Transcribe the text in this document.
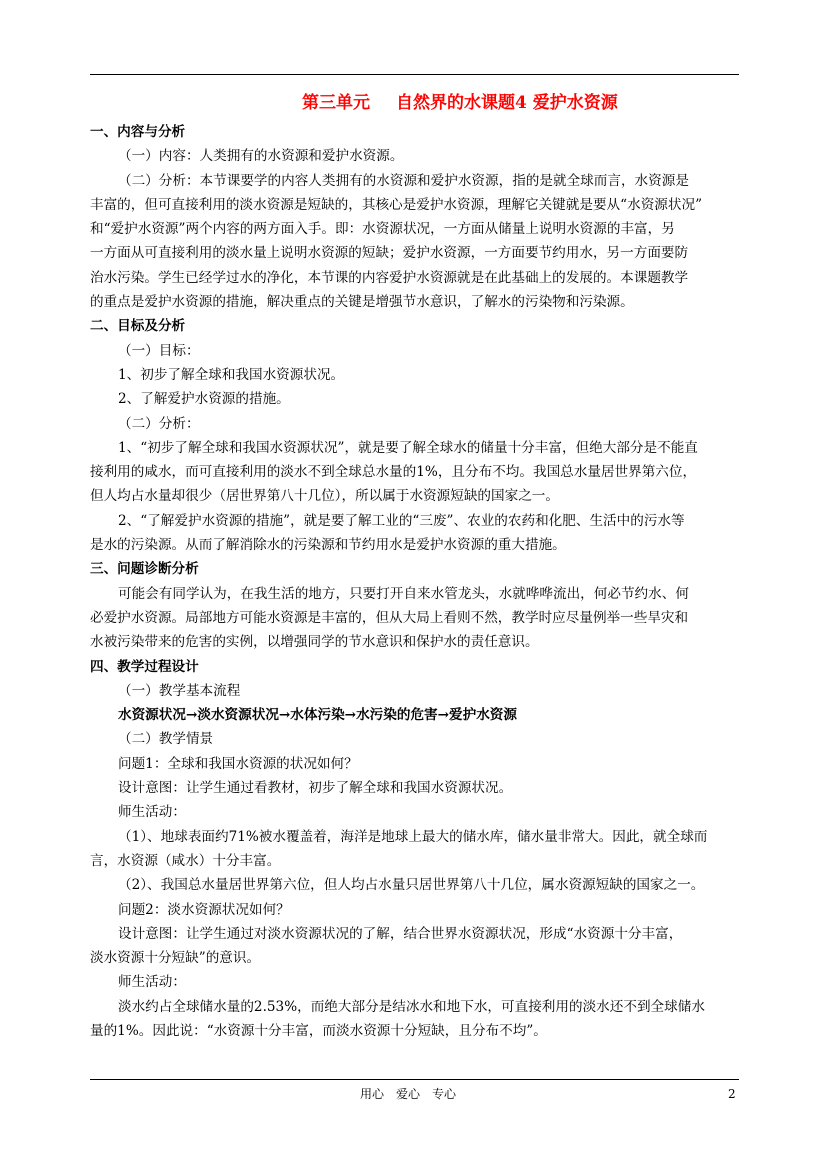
第三单元 自然界的水课题4 爱护水资源
一、内容与分析
（一）内容：人类拥有的水资源和爱护水资源。
（二）分析：本节课要学的内容人类拥有的水资源和爱护水资源，指的是就全球而言，水资源是
丰富的，但可直接利用的淡水资源是短缺的，其核心是爱护水资源，理解它关键就是要从“水资源状况”
和“爱护水资源”两个内容的两方面入手。即：水资源状况，一方面从储量上说明水资源的丰富，另
一方面从可直接利用的淡水量上说明水资源的短缺；爱护水资源，一方面要节约用水，另一方面要防
治水污染。学生已经学过水的净化，本节课的内容爱护水资源就是在此基础上的发展的。本课题教学
的重点是爱护水资源的措施，解决重点的关键是增强节水意识，了解水的污染物和污染源。
二、目标及分析
（一）目标：
1、初步了解全球和我国水资源状况。
2、了解爱护水资源的措施。
（二）分析：
1、“初步了解全球和我国水资源状况”，就是要了解全球水的储量十分丰富，但绝大部分是不能直
接利用的咸水，而可直接利用的淡水不到全球总水量的1%，且分布不均。我国总水量居世界第六位，
但人均占水量却很少（居世界第八十几位），所以属于水资源短缺的国家之一。
2、“了解爱护水资源的措施”，就是要了解工业的“三废”、农业的农药和化肥、生活中的污水等
是水的污染源。从而了解消除水的污染源和节约用水是爱护水资源的重大措施。
三、问题诊断分析
可能会有同学认为，在我生活的地方，只要打开自来水管龙头，水就哗哗流出，何必节约水、何
必爱护水资源。局部地方可能水资源是丰富的，但从大局上看则不然，教学时应尽量例举一些旱灾和
水被污染带来的危害的实例，以增强同学的节水意识和保护水的责任意识。
四、教学过程设计
（一）教学基本流程
水资源状况→淡水资源状况→水体污染→水污染的危害→爱护水资源
（二）教学情景
问题1：全球和我国水资源的状况如何？
设计意图：让学生通过看教材，初步了解全球和我国水资源状况。
师生活动：
（1）、地球表面约71%被水覆盖着，海洋是地球上最大的储水库，储水量非常大。因此，就全球而
言，水资源（咸水）十分丰富。
（2）、我国总水量居世界第六位，但人均占水量只居世界第八十几位，属水资源短缺的国家之一。
问题2：淡水资源状况如何？
设计意图：让学生通过对淡水资源状况的了解，结合世界水资源状况，形成“水资源十分丰富，
淡水资源十分短缺”的意识。
师生活动：
淡水约占全球储水量的2.53%，而绝大部分是结冰水和地下水，可直接利用的淡水还不到全球储水
量的1%。因此说：“水资源十分丰富，而淡水资源十分短缺，且分布不均”。
用心 爱心 专心	2
